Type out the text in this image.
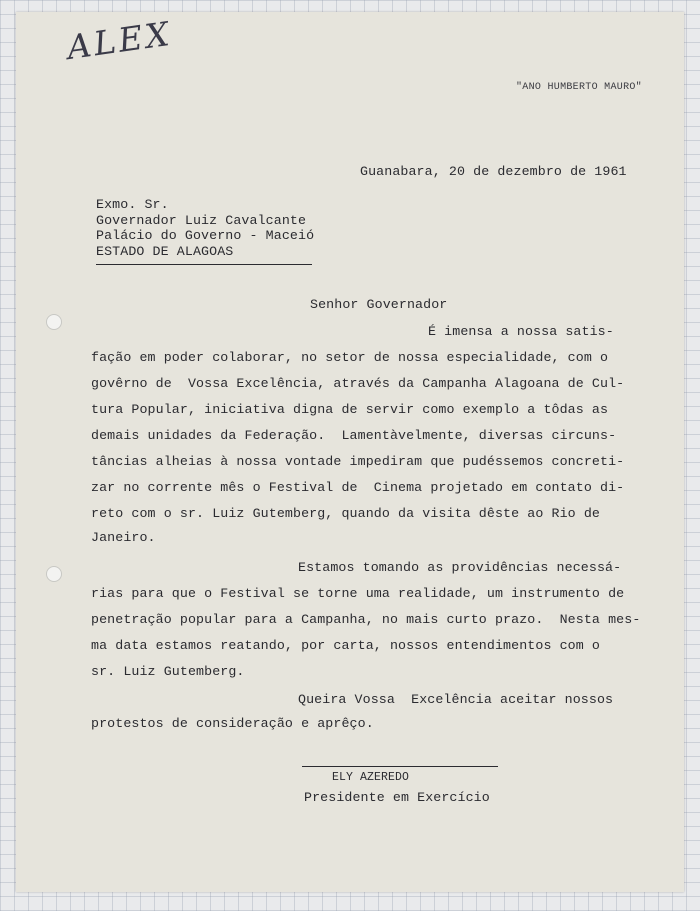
ALEX

"ANO HUMBERTO MAURO"

Guanabara, 20 de dezembro de 1961

Exmo. Sr.

Governador Luiz Cavalcante

Palácio do Governo - Maceió

ESTADO DE ALAGOAS

Senhor Governador

É imensa a nossa satis-

fação em poder colaborar, no setor de nossa especialidade, com o

govêrno de  Vossa Excelência, através da Campanha Alagoana de Cul-

tura Popular, iniciativa digna de servir como exemplo a tôdas as

demais unidades da Federação.  Lamentàvelmente, diversas circuns-

tâncias alheias à nossa vontade impediram que pudéssemos concreti-

zar no corrente mês o Festival de  Cinema projetado em contato di-

reto com o sr. Luiz Gutemberg, quando da visita dêste ao Rio de

Janeiro.

Estamos tomando as providências necessá-

rias para que o Festival se torne uma realidade, um instrumento de

penetração popular para a Campanha, no mais curto prazo.  Nesta mes-

ma data estamos reatando, por carta, nossos entendimentos com o

sr. Luiz Gutemberg.

Queira Vossa  Excelência aceitar nossos

protestos de consideração e aprêço.

ELY AZEREDO

Presidente em Exercício
